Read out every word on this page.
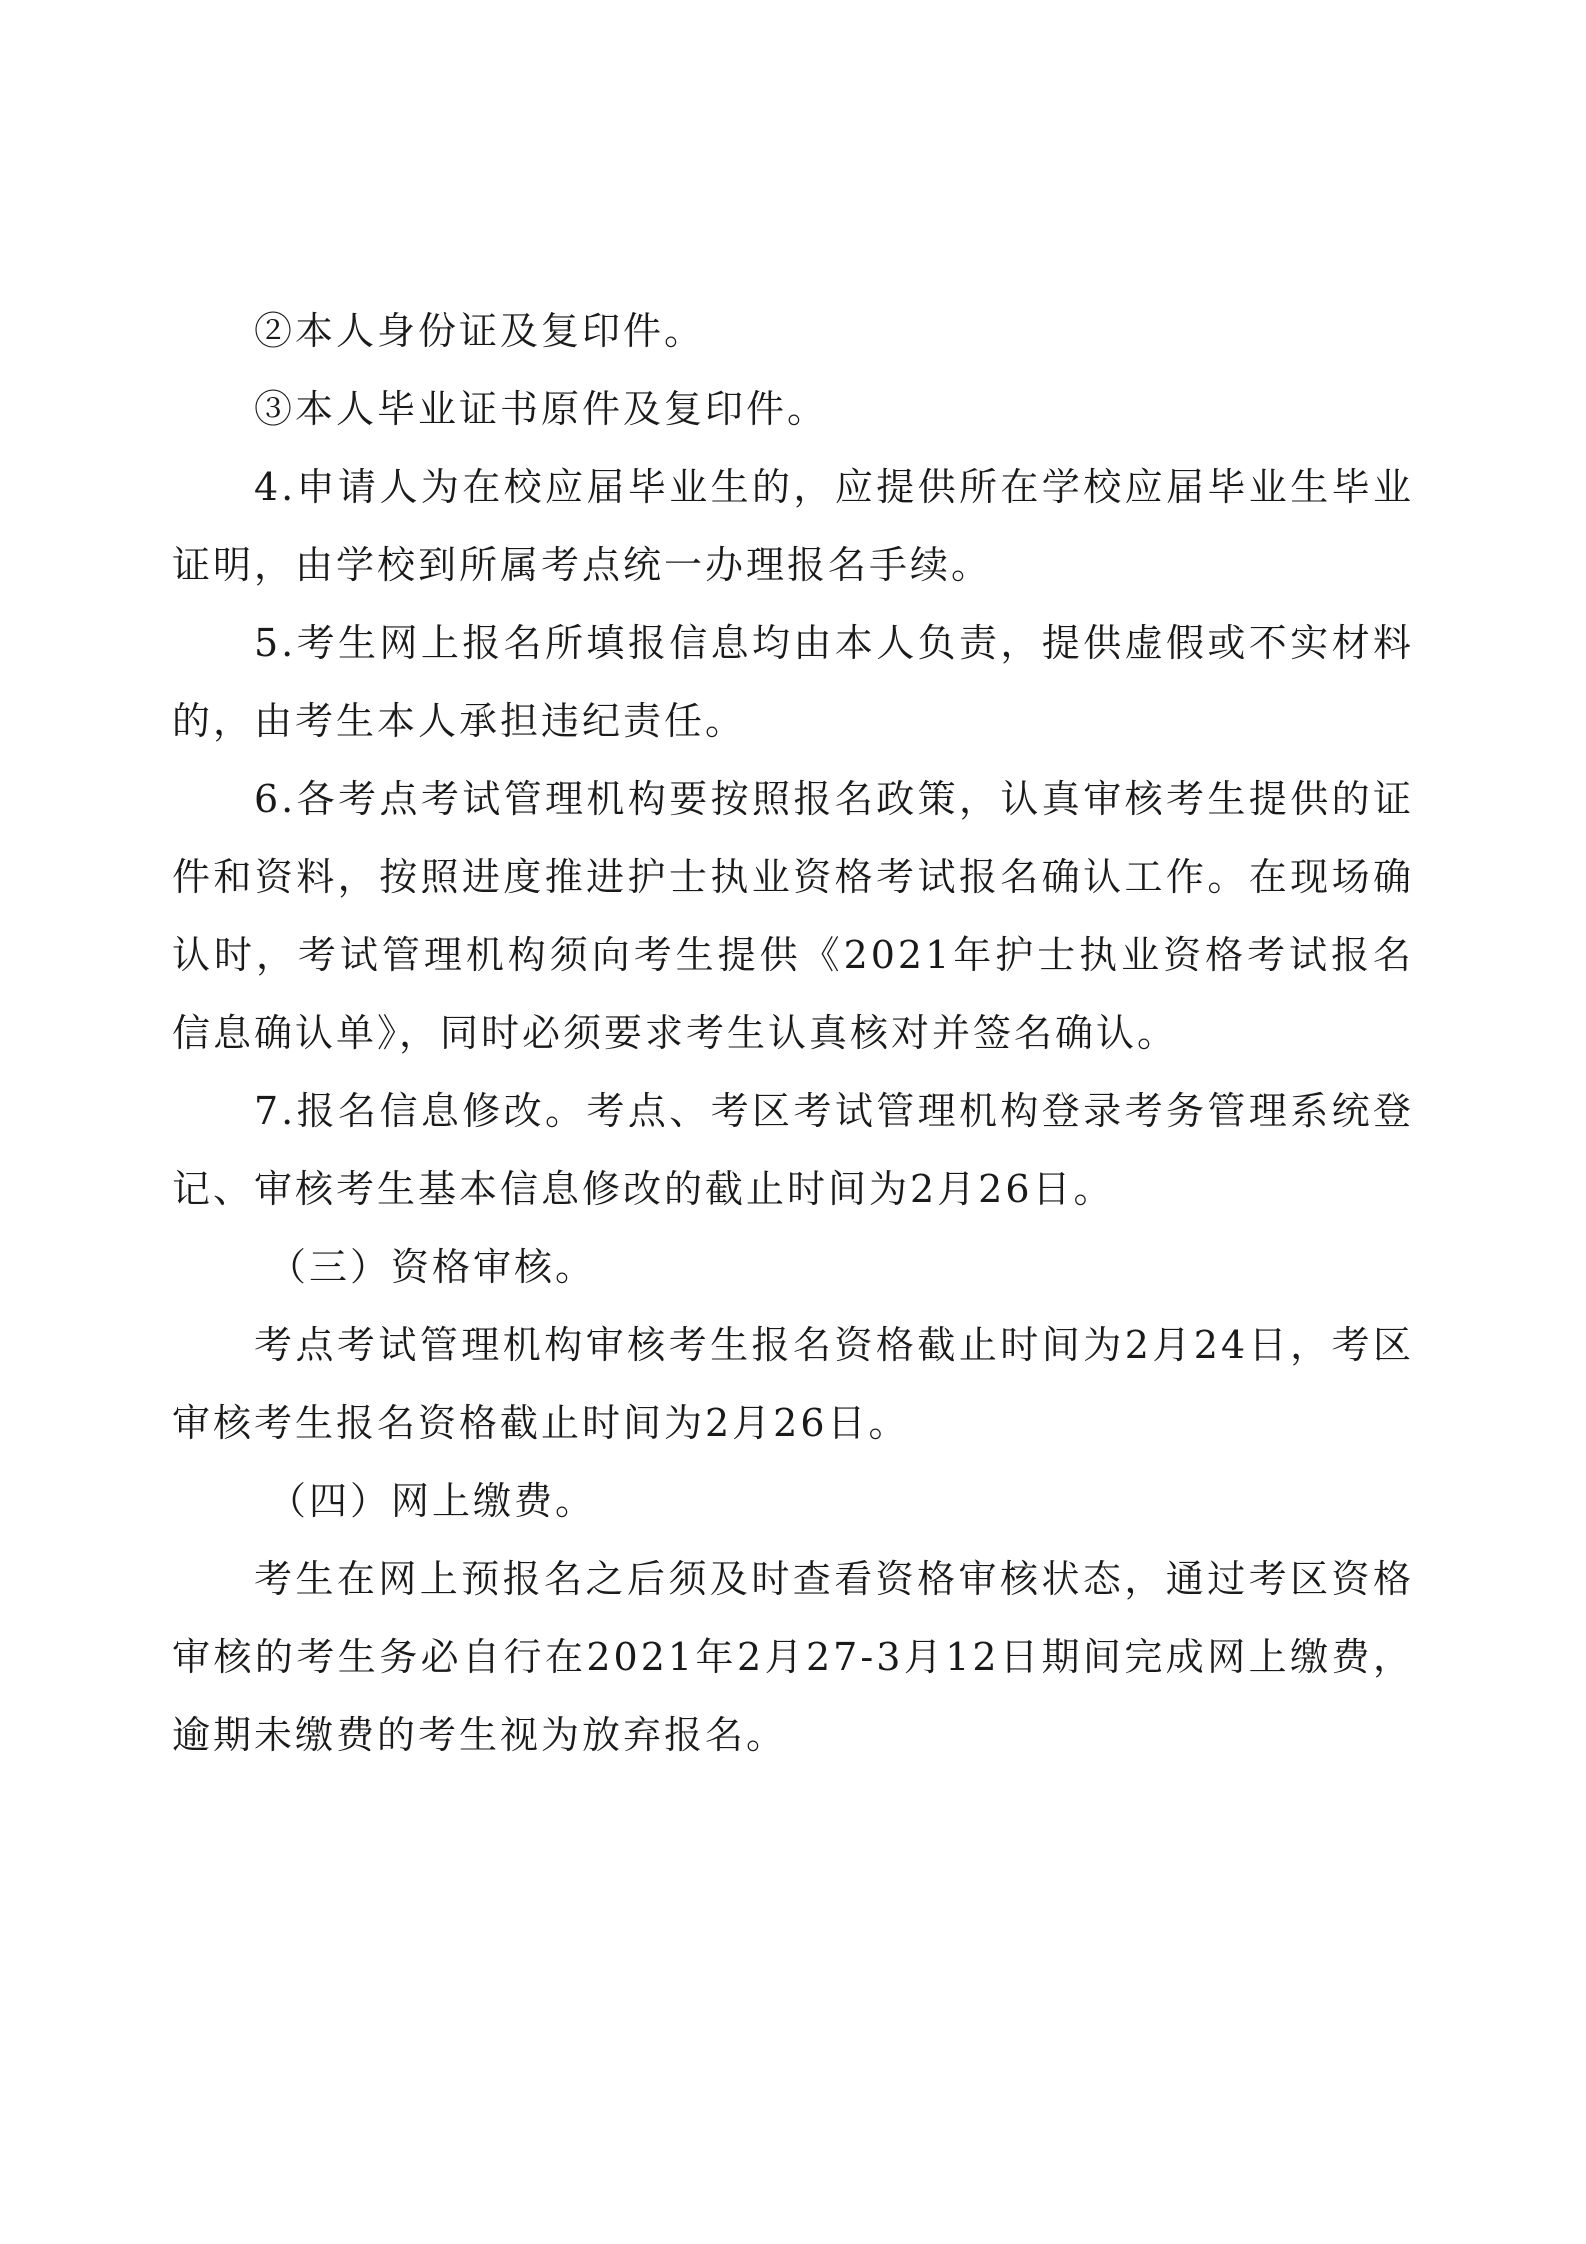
②本人身份证及复印件。

③本人毕业证书原件及复印件。

4.申请人为在校应届毕业生的，应提供所在学校应届毕业生毕业证明，由学校到所属考点统一办理报名手续。

5.考生网上报名所填报信息均由本人负责，提供虚假或不实材料的，由考生本人承担违纪责任。

6.各考点考试管理机构要按照报名政策，认真审核考生提供的证件和资料，按照进度推进护士执业资格考试报名确认工作。在现场确认时，考试管理机构须向考生提供《2021年护士执业资格考试报名信息确认单》，同时必须要求考生认真核对并签名确认。

7.报名信息修改。考点、考区考试管理机构登录考务管理系统登记、审核考生基本信息修改的截止时间为2月26日。

（三）资格审核。

考点考试管理机构审核考生报名资格截止时间为2月24日，考区审核考生报名资格截止时间为2月26日。

（四）网上缴费。

考生在网上预报名之后须及时查看资格审核状态，通过考区资格审核的考生务必自行在2021年2月27-3月12日期间完成网上缴费，逾期未缴费的考生视为放弃报名。
